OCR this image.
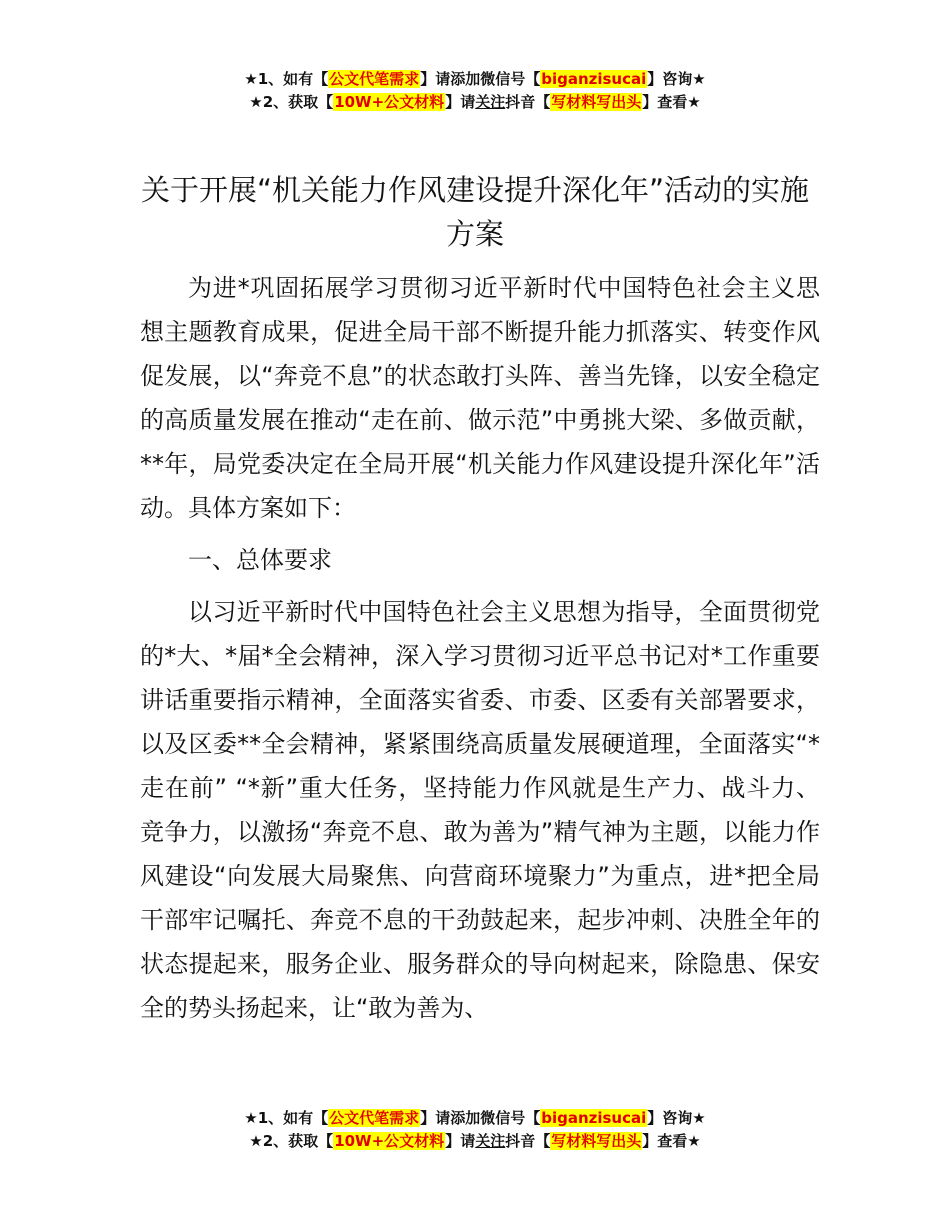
★1、如有【公文代笔需求】请添加微信号【biganzisucai】咨询★
★2、获取【10W+公文材料】请关注抖音【写材料写出头】查看★
关于开展“机关能力作风建设提升深化年”活动的实施方案

为进*巩固拓展学习贯彻习近平新时代中国特色社会主义思想主题教育成果，促进全局干部不断提升能力抓落实、转变作风促发展，以“奔竞不息”的状态敢打头阵、善当先锋，以安全稳定的高质量发展在推动“走在前、做示范”中勇挑大梁、多做贡献，**年，局党委决定在全局开展“机关能力作风建设提升深化年”活动。具体方案如下：

一、总体要求

以习近平新时代中国特色社会主义思想为指导，全面贯彻党的*大、*届*全会精神，深入学习贯彻习近平总书记对*工作重要讲话重要指示精神，全面落实省委、市委、区委有关部署要求，以及区委**全会精神，紧紧围绕高质量发展硬道理，全面落实“*走在前” “*新”重大任务，坚持能力作风就是生产力、战斗力、竞争力，以激扬“奔竞不息、敢为善为”精气神为主题，以能力作风建设“向发展大局聚焦、向营商环境聚力”为重点，进*把全局干部牢记嘱托、奔竞不息的干劲鼓起来，起步冲刺、决胜全年的状态提起来，服务企业、服务群众的导向树起来，除隐患、保安全的势头扬起来，让“敢为善为、

★1、如有【公文代笔需求】请添加微信号【biganzisucai】咨询★
★2、获取【10W+公文材料】请关注抖音【写材料写出头】查看★
